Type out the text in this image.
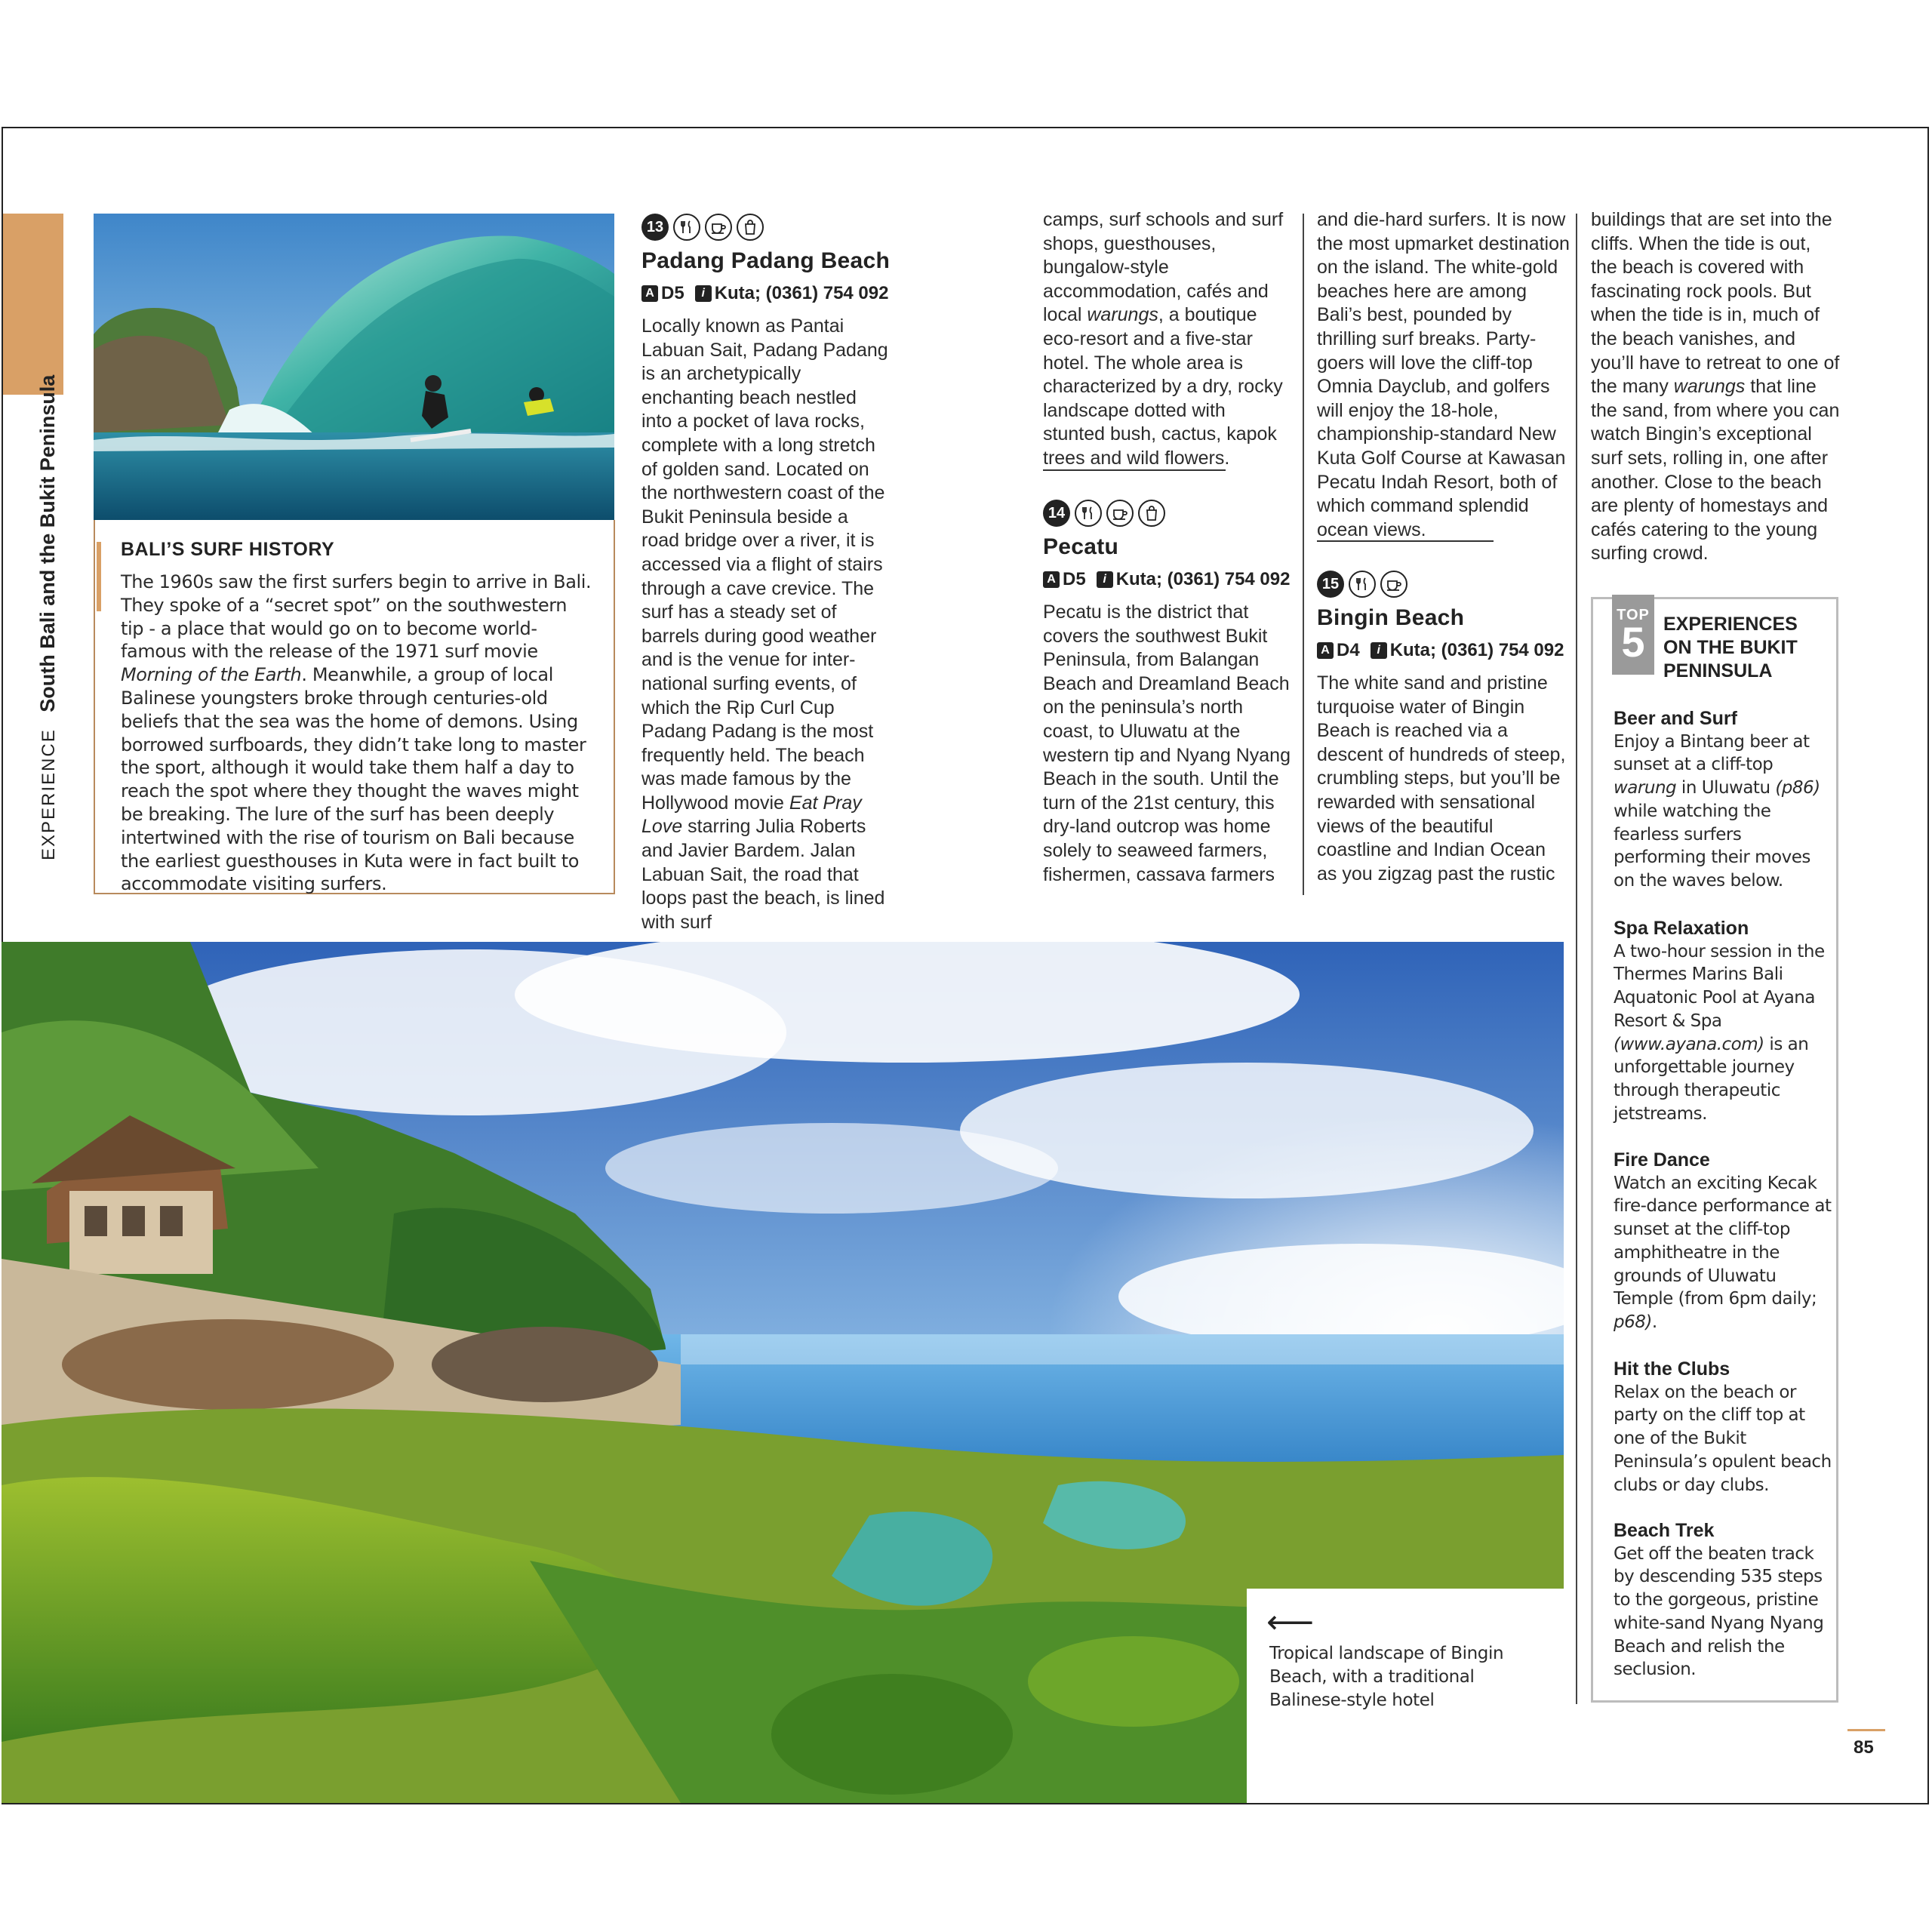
EXPERIENCE South Bali and the Bukit Peninsula	BALI’S SURF HISTORY
The 1960s saw the first surfers begin to arrive in Bali. They spoke of a “secret spot” on the southwestern tip - a place that would go on to become world-famous with the release of the 1971 surf movie Morning of the Earth. Meanwhile, a group of local Balinese youngsters broke through centuries-old beliefs that the sea was the home of demons. Using borrowed surfboards, they didn’t take long to master the sport, although it would take them half a day to reach the spot where they thought the waves might be breaking. The lure of the surf has been deeply intertwined with the rise of tourism on Bali because the earliest guesthouses in Kuta were in fact built to accommodate visiting surfers.
13
Padang Padang Beach
A D5	i Kuta; (0361) 754 092
Locally known as Pantai Labuan Sait, Padang Padang is an archetypically enchanting beach nestled into a pocket of lava rocks, complete with a long stretch of golden sand. Located on the northwestern coast of the Bukit Peninsula beside a road bridge over a river, it is accessed via a flight of stairs through a cave crevice. The surf has a steady set of barrels during good weather and is the venue for international surfing events, of which the Rip Curl Cup Padang Padang is the most frequently held. The beach was made famous by the Hollywood movie Eat Pray Love starring Julia Roberts and Javier Bardem. Jalan Labuan Sait, the road that loops past the beach, is lined with surf
camps, surf schools and surf shops, guesthouses, bungalow-style accommodation, cafés and local warungs, a boutique eco-resort and a five-star hotel. The whole area is characterized by a dry, rocky landscape dotted with stunted bush, cactus, kapok trees and wild flowers.
14
Pecatu
A D5	i Kuta; (0361) 754 092
Pecatu is the district that covers the southwest Bukit Peninsula, from Balangan Beach and Dreamland Beach on the peninsula’s north coast, to Uluwatu at the western tip and Nyang Nyang Beach in the south. Until the turn of the 21st century, this dry-land outcrop was home solely to seaweed farmers, fishermen, cassava farmers
and die-hard surfers. It is now the most upmarket destination on the island. The white-gold beaches here are among Bali’s best, pounded by thrilling surf breaks. Party-goers will love the cliff-top Omnia Dayclub, and golfers will enjoy the 18-hole, championship-standard New Kuta Golf Course at Kawasan Pecatu Indah Resort, both of which command splendid ocean views.
15
Bingin Beach
A D4	i Kuta; (0361) 754 092
The white sand and pristine turquoise water of Bingin Beach is reached via a descent of hundreds of steep, crumbling steps, but you’ll be rewarded with sensational views of the beautiful coastline and Indian Ocean as you zigzag past the rustic
buildings that are set into the cliffs. When the tide is out, the beach is covered with fascinating rock pools. But when the tide is in, much of the beach vanishes, and you’ll have to retreat to one of the many warungs that line the sand, from where you can watch Bingin’s exceptional surf sets, rolling in, one after another. Close to the beach are plenty of homestays and cafés catering to the young surfing crowd.
TOP
5 EXPERIENCES ON THE BUKIT PENINSULA
Beer and Surf
Enjoy a Bintang beer at sunset at a cliff-top warung in Uluwatu (p86) while watching the fearless surfers performing their moves on the waves below.
Spa Relaxation
A two-hour session in the Thermes Marins Bali Aquatonic Pool at Ayana Resort & Spa (www.ayana.com) is an unforgettable journey through therapeutic jetstreams.
Fire Dance
Watch an exciting Kecak fire-dance performance at sunset at the cliff-top amphitheatre in the grounds of Uluwatu Temple (from 6pm daily; p68).
Hit the Clubs
Relax on the beach or party on the cliff top at one of the Bukit Peninsula’s opulent beach clubs or day clubs.
Beach Trek
Get off the beaten track by descending 535 steps to the gorgeous, pristine white-sand Nyang Nyang Beach and relish the seclusion.
⟵
Tropical landscape of Bingin Beach, with a traditional Balinese-style hotel
85
